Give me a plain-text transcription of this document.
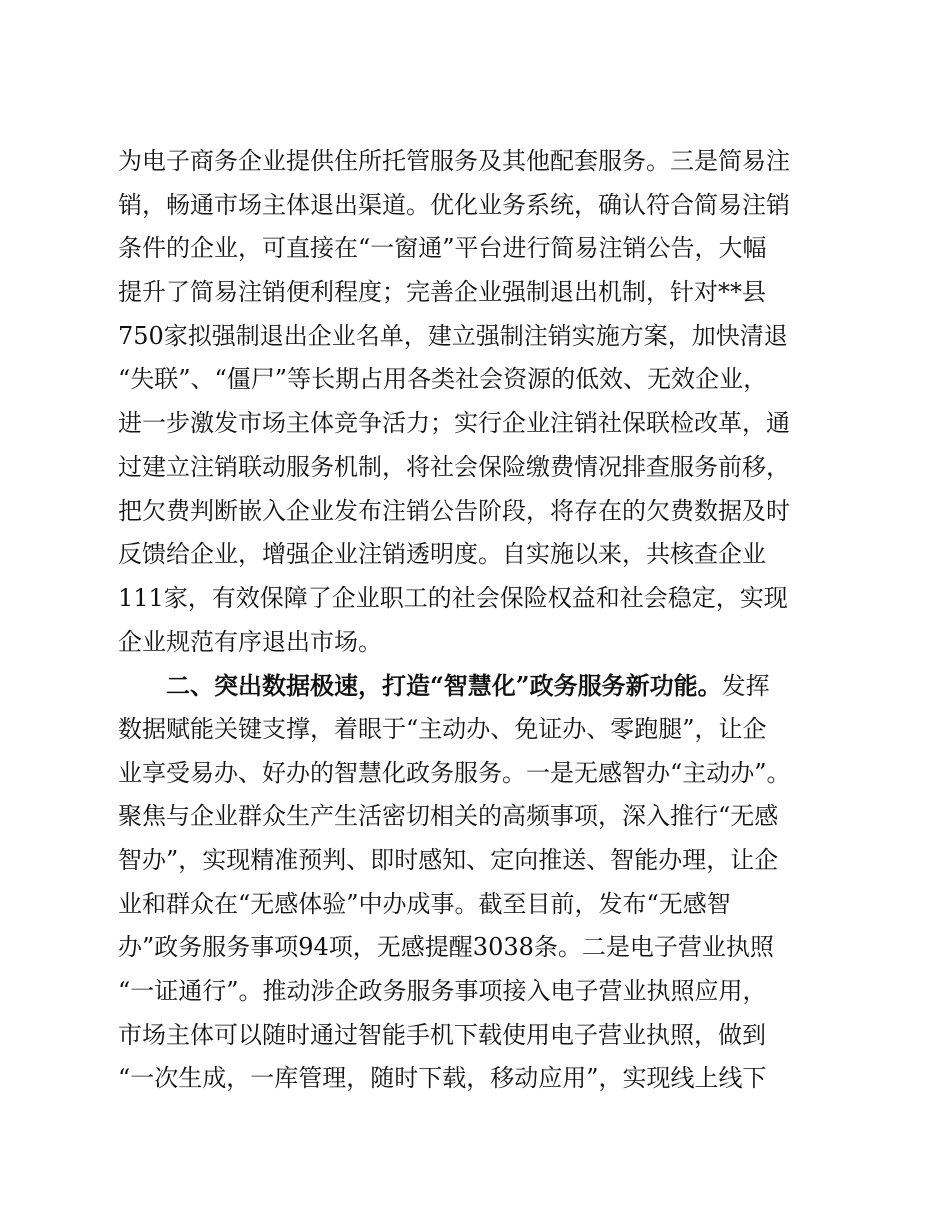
为电子商务企业提供住所托管服务及其他配套服务。三是简易注
销，畅通市场主体退出渠道。优化业务系统，确认符合简易注销
条件的企业，可直接在“一窗通”平台进行简易注销公告，大幅
提升了简易注销便利程度；完善企业强制退出机制，针对**县
750家拟强制退出企业名单，建立强制注销实施方案，加快清退
“失联”、“僵尸”等长期占用各类社会资源的低效、无效企业，
进一步激发市场主体竞争活力；实行企业注销社保联检改革，通
过建立注销联动服务机制，将社会保险缴费情况排查服务前移，
把欠费判断嵌入企业发布注销公告阶段，将存在的欠费数据及时
反馈给企业，增强企业注销透明度。自实施以来，共核查企业
111家，有效保障了企业职工的社会保险权益和社会稳定，实现
企业规范有序退出市场。
二、突出数据极速，打造“智慧化”政务服务新功能。发挥
数据赋能关键支撑，着眼于“主动办、免证办、零跑腿”，让企
业享受易办、好办的智慧化政务服务。一是无感智办“主动办”。
聚焦与企业群众生产生活密切相关的高频事项，深入推行“无感
智办”，实现精准预判、即时感知、定向推送、智能办理，让企
业和群众在“无感体验”中办成事。截至目前，发布“无感智
办”政务服务事项94项，无感提醒3038条。二是电子营业执照
“一证通行”。推动涉企政务服务事项接入电子营业执照应用，
市场主体可以随时通过智能手机下载使用电子营业执照，做到
“一次生成，一库管理，随时下载，移动应用”，实现线上线下
